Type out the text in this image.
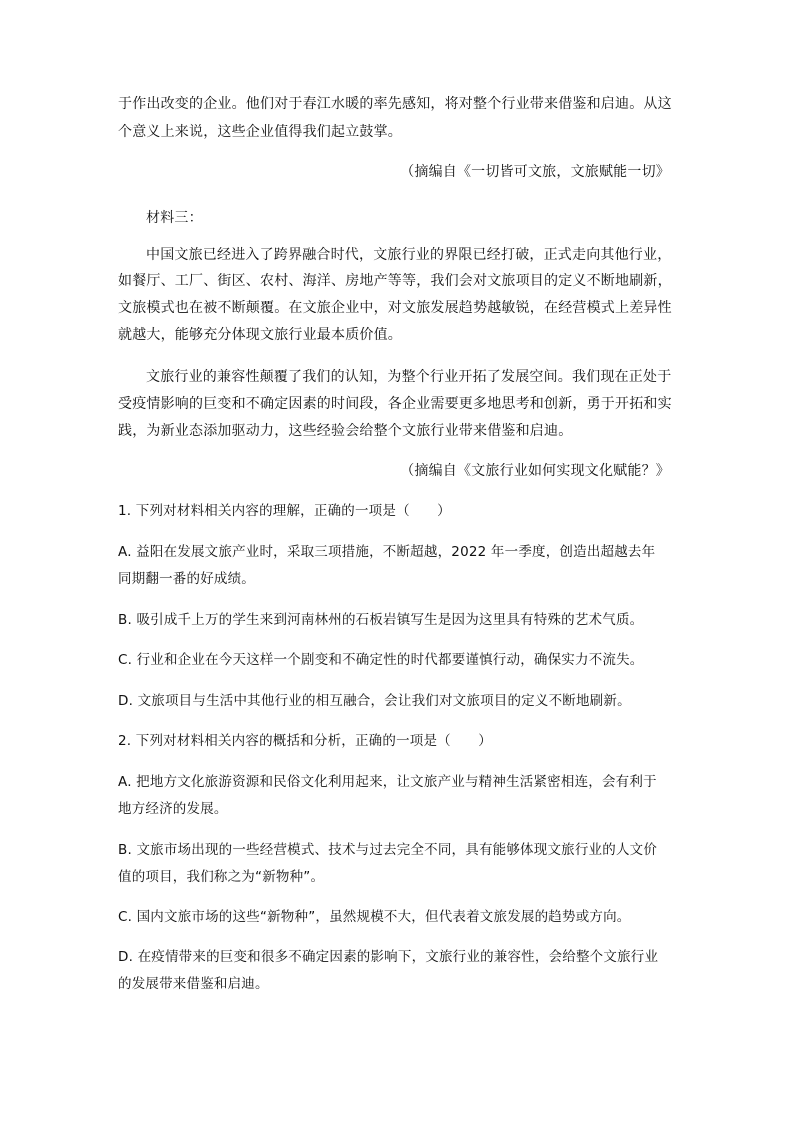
于作出改变的企业。他们对于春江水暖的率先感知，将对整个行业带来借鉴和启迪。从这
个意义上来说，这些企业值得我们起立鼓掌。
（摘编自《一切皆可文旅，文旅赋能一切》
材料三：
中国文旅已经进入了跨界融合时代，文旅行业的界限已经打破，正式走向其他行业，
如餐厅、工厂、街区、农村、海洋、房地产等等，我们会对文旅项目的定义不断地刷新，
文旅模式也在被不断颠覆。在文旅企业中，对文旅发展趋势越敏锐，在经营模式上差异性
就越大，能够充分体现文旅行业最本质价值。
文旅行业的兼容性颠覆了我们的认知，为整个行业开拓了发展空间。我们现在正处于
受疫情影响的巨变和不确定因素的时间段，各企业需要更多地思考和创新，勇于开拓和实
践，为新业态添加驱动力，这些经验会给整个文旅行业带来借鉴和启迪。
（摘编自《文旅行业如何实现文化赋能？》
1. 下列对材料相关内容的理解，正确的一项是（　　）
A. 益阳在发展文旅产业时，采取三项措施，不断超越，2022 年一季度，创造出超越去年
同期翻一番的好成绩。
B. 吸引成千上万的学生来到河南林州的石板岩镇写生是因为这里具有特殊的艺术气质。
C. 行业和企业在今天这样一个剧变和不确定性的时代都要谨慎行动，确保实力不流失。
D. 文旅项目与生活中其他行业的相互融合，会让我们对文旅项目的定义不断地刷新。
2. 下列对材料相关内容的概括和分析，正确的一项是（　　）
A. 把地方文化旅游资源和民俗文化利用起来，让文旅产业与精神生活紧密相连，会有利于
地方经济的发展。
B. 文旅市场出现的一些经营模式、技术与过去完全不同，具有能够体现文旅行业的人文价
值的项目，我们称之为“新物种”。
C. 国内文旅市场的这些“新物种”，虽然规模不大，但代表着文旅发展的趋势或方向。
D. 在疫情带来的巨变和很多不确定因素的影响下，文旅行业的兼容性，会给整个文旅行业
的发展带来借鉴和启迪。
